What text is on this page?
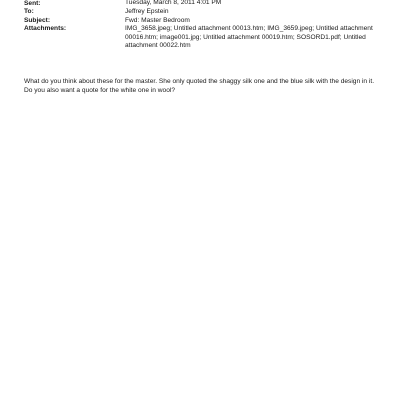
Sent:	Tuesday, March 8, 2011 4:01 PM
To:	Jeffrey Epstein
Subject:	Fwd: Master Bedroom
Attachments:	IMG_3658.jpeg; Untitled attachment 00013.htm; IMG_3659.jpeg; Untitled attachment 00016.htm; image001.jpg; Untitled attachment 00019.htm; SOSORD1.pdf; Untitled attachment 00022.htm

What do you think about these for the master. She only quoted the shaggy silk one and the blue silk with the design in it.

Do you also want a quote for the white one in wool?
